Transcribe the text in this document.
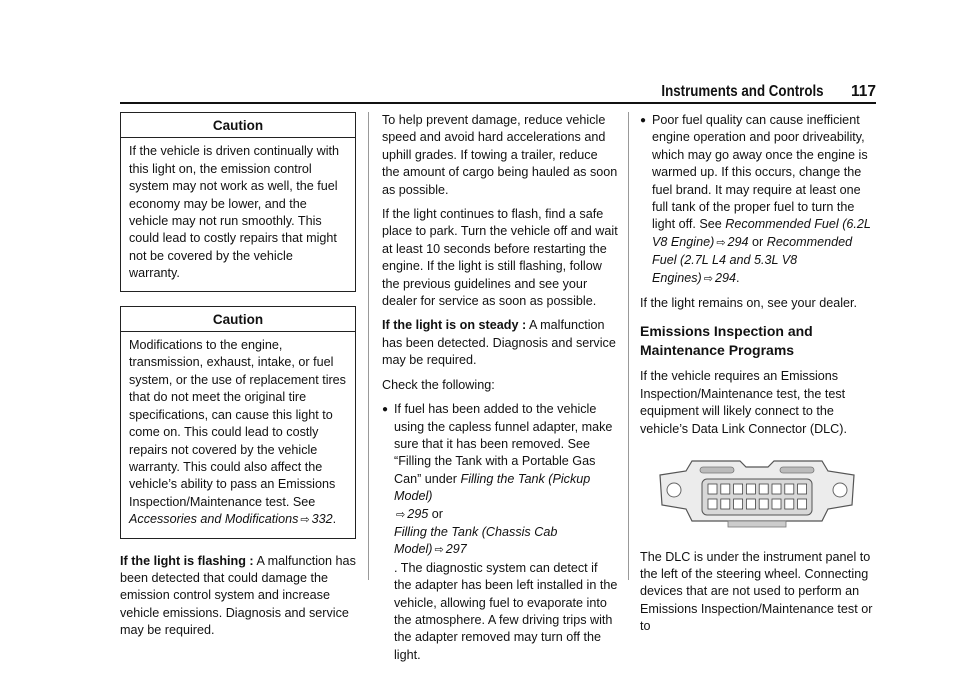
Instruments and Controls 117
Caution
If the vehicle is driven continually with this light on, the emission control system may not work as well, the fuel economy may be lower, and the vehicle may not run smoothly. This could lead to costly repairs that might not be covered by the vehicle warranty.
Caution
Modifications to the engine, transmission, exhaust, intake, or fuel system, or the use of replacement tires that do not meet the original tire specifications, can cause this light to come on. This could lead to costly repairs not covered by the vehicle warranty. This could also affect the vehicle’s ability to pass an Emissions Inspection/Maintenance test. See Accessories and Modifications ⇨ 332.

If the light is flashing : A malfunction has been detected that could damage the emission control system and increase vehicle emissions. Diagnosis and service may be required.

To help prevent damage, reduce vehicle speed and avoid hard accelerations and uphill grades. If towing a trailer, reduce the amount of cargo being hauled as soon as possible.

If the light continues to flash, find a safe place to park. Turn the vehicle off and wait at least 10 seconds before restarting the engine. If the light is still flashing, follow the previous guidelines and see your dealer for service as soon as possible.

If the light is on steady : A malfunction has been detected. Diagnosis and service may be required.

Check the following:

● If fuel has been added to the vehicle using the capless funnel adapter, make sure that it has been removed. See “Filling the Tank with a Portable Gas Can” under Filling the Tank (Pickup Model)
⇨ 295 or
Filling the Tank (Chassis Cab Model) ⇨ 297
. The diagnostic system can detect if the adapter has been left installed in the vehicle, allowing fuel to evaporate into the atmosphere. A few driving trips with the adapter removed may turn off the light.
● Poor fuel quality can cause inefficient engine operation and poor driveability, which may go away once the engine is warmed up. If this occurs, change the fuel brand. It may require at least one full tank of the proper fuel to turn the light off. See Recommended Fuel (6.2L V8 Engine) ⇨ 294 or Recommended Fuel (2.7L L4 and 5.3L V8 Engines) ⇨ 294.

If the light remains on, see your dealer.

Emissions Inspection and Maintenance Programs

If the vehicle requires an Emissions Inspection/Maintenance test, the test equipment will likely connect to the vehicle’s Data Link Connector (DLC).

The DLC is under the instrument panel to the left of the steering wheel. Connecting devices that are not used to perform an Emissions Inspection/Maintenance test or to
